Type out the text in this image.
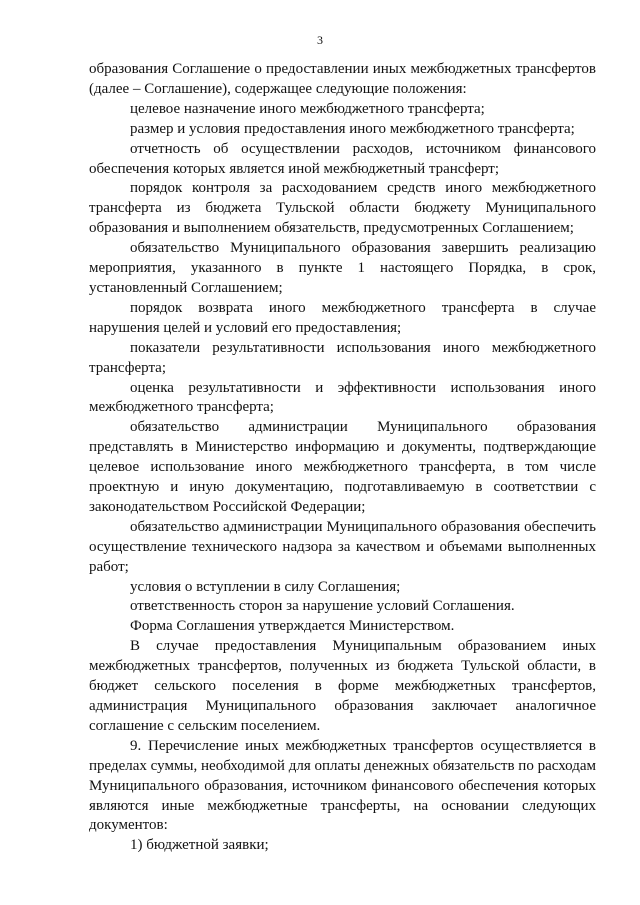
3

образования Соглашение о предоставлении иных межбюджетных трансфертов (далее – Соглашение), содержащее следующие положения:

целевое назначение иного межбюджетного трансферта;

размер и условия предоставления иного межбюджетного трансферта;

отчетность об осуществлении расходов, источником финансового обеспечения которых является иной межбюджетный трансферт;

порядок контроля за расходованием средств иного межбюджетного трансферта из бюджета Тульской области бюджету Муниципального образования и выполнением обязательств, предусмотренных Соглашением;

обязательство Муниципального образования завершить реализацию мероприятия, указанного в пункте 1 настоящего Порядка, в срок, установленный Соглашением;

порядок возврата иного межбюджетного трансферта в случае нарушения целей и условий его предоставления;

показатели результативности использования иного межбюджетного трансферта;

оценка результативности и эффективности использования иного межбюджетного трансферта;

обязательство администрации Муниципального образования представлять в Министерство информацию и документы, подтверждающие целевое использование иного межбюджетного трансферта, в том числе проектную и иную документацию, подготавливаемую в соответствии с законодательством Российской Федерации;

обязательство администрации Муниципального образования обеспечить осуществление технического надзора за качеством и объемами выполненных работ;

условия о вступлении в силу Соглашения;

ответственность сторон за нарушение условий Соглашения.

Форма Соглашения утверждается Министерством.

В случае предоставления Муниципальным образованием иных межбюджетных трансфертов, полученных из бюджета Тульской области, в бюджет сельского поселения в форме межбюджетных трансфертов, администрация Муниципального образования заключает аналогичное соглашение с сельским поселением.

9. Перечисление иных межбюджетных трансфертов осуществляется в пределах суммы, необходимой для оплаты денежных обязательств по расходам Муниципального образования, источником финансового обеспечения которых являются иные межбюджетные трансферты, на основании следующих документов:

1) бюджетной заявки;
